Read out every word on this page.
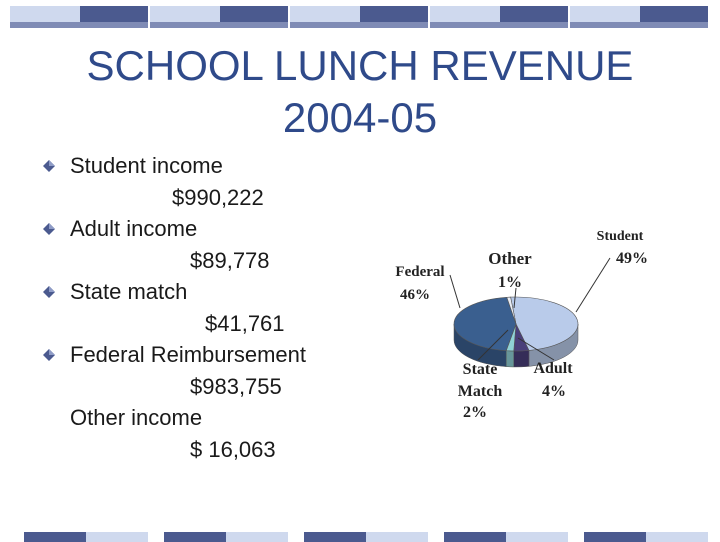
SCHOOL LUNCH REVENUE
2004-05
Student income
$990,222
Adult income
$89,778
State match
$41,761
Federal Reimbursement
$983,755
Other income
$ 16,063
Federal
46%
Other
1%
Student
49%
Adult
4%
State Match
2%
